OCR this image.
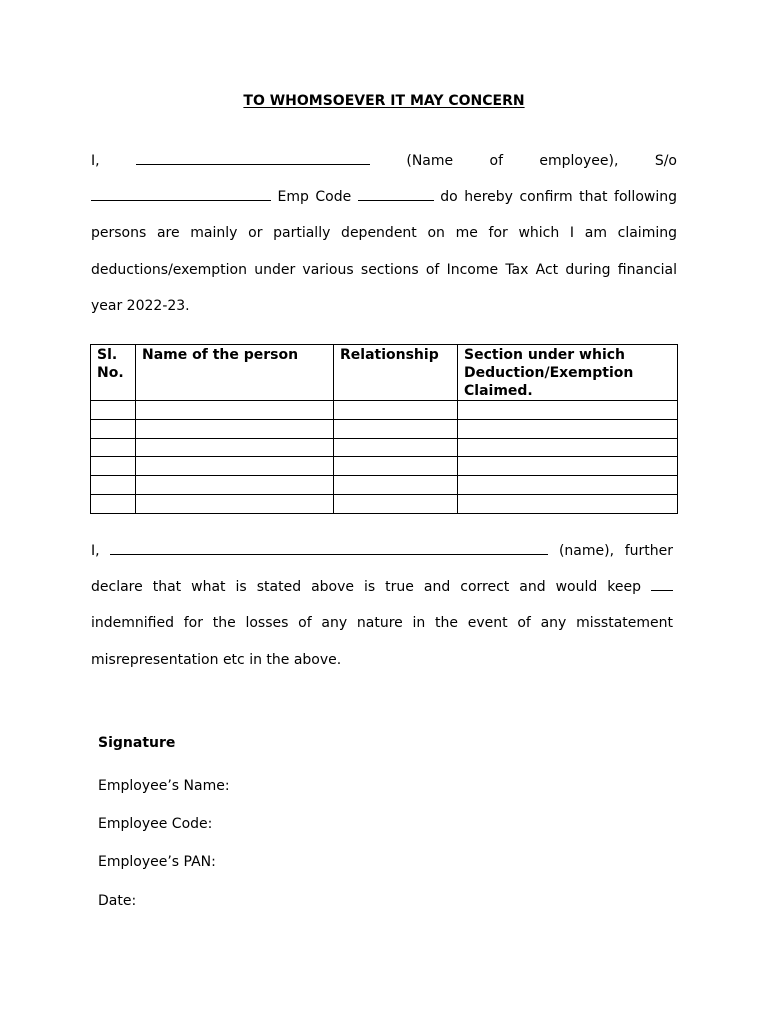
TO WHOMSOEVER IT MAY CONCERN

I,	(Name of employee),	S/o  Emp Code	do hereby confirm that following persons are mainly or partially dependent on me for which I am claiming deductions/exemption under various sections of Income Tax Act during financial year 2022-23.

Sl. No.	Name of the person	Relationship	Section under which Deduction/Exemption Claimed.

I,	(name), further declare that what is stated above is true and correct and would keep  indemnified for the losses of any nature in the event of any misstatement misrepresentation etc in the above.

Signature
Employee’s Name:
Employee Code:
Employee’s PAN:
Date:
